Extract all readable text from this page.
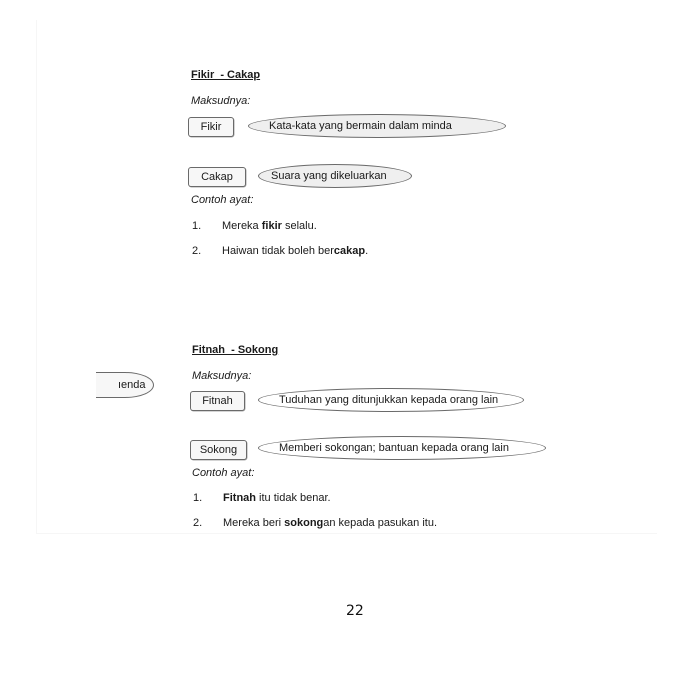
Fikir  - Cakap
Maksudnya:
Fikir	Kata-kata yang bermain dalam minda
Cakap	Suara yang dikeluarkan
Contoh ayat:
1. Mereka fikir selalu.
2. Haiwan tidak boleh bercakap.
ıenda
Fitnah  - Sokong
Maksudnya:
Fitnah	Tuduhan yang ditunjukkan kepada orang lain
Sokong	Memberi sokongan; bantuan kepada orang lain
Contoh ayat:
1. Fitnah itu tidak benar.
2. Mereka beri sokongan kepada pasukan itu.
22
